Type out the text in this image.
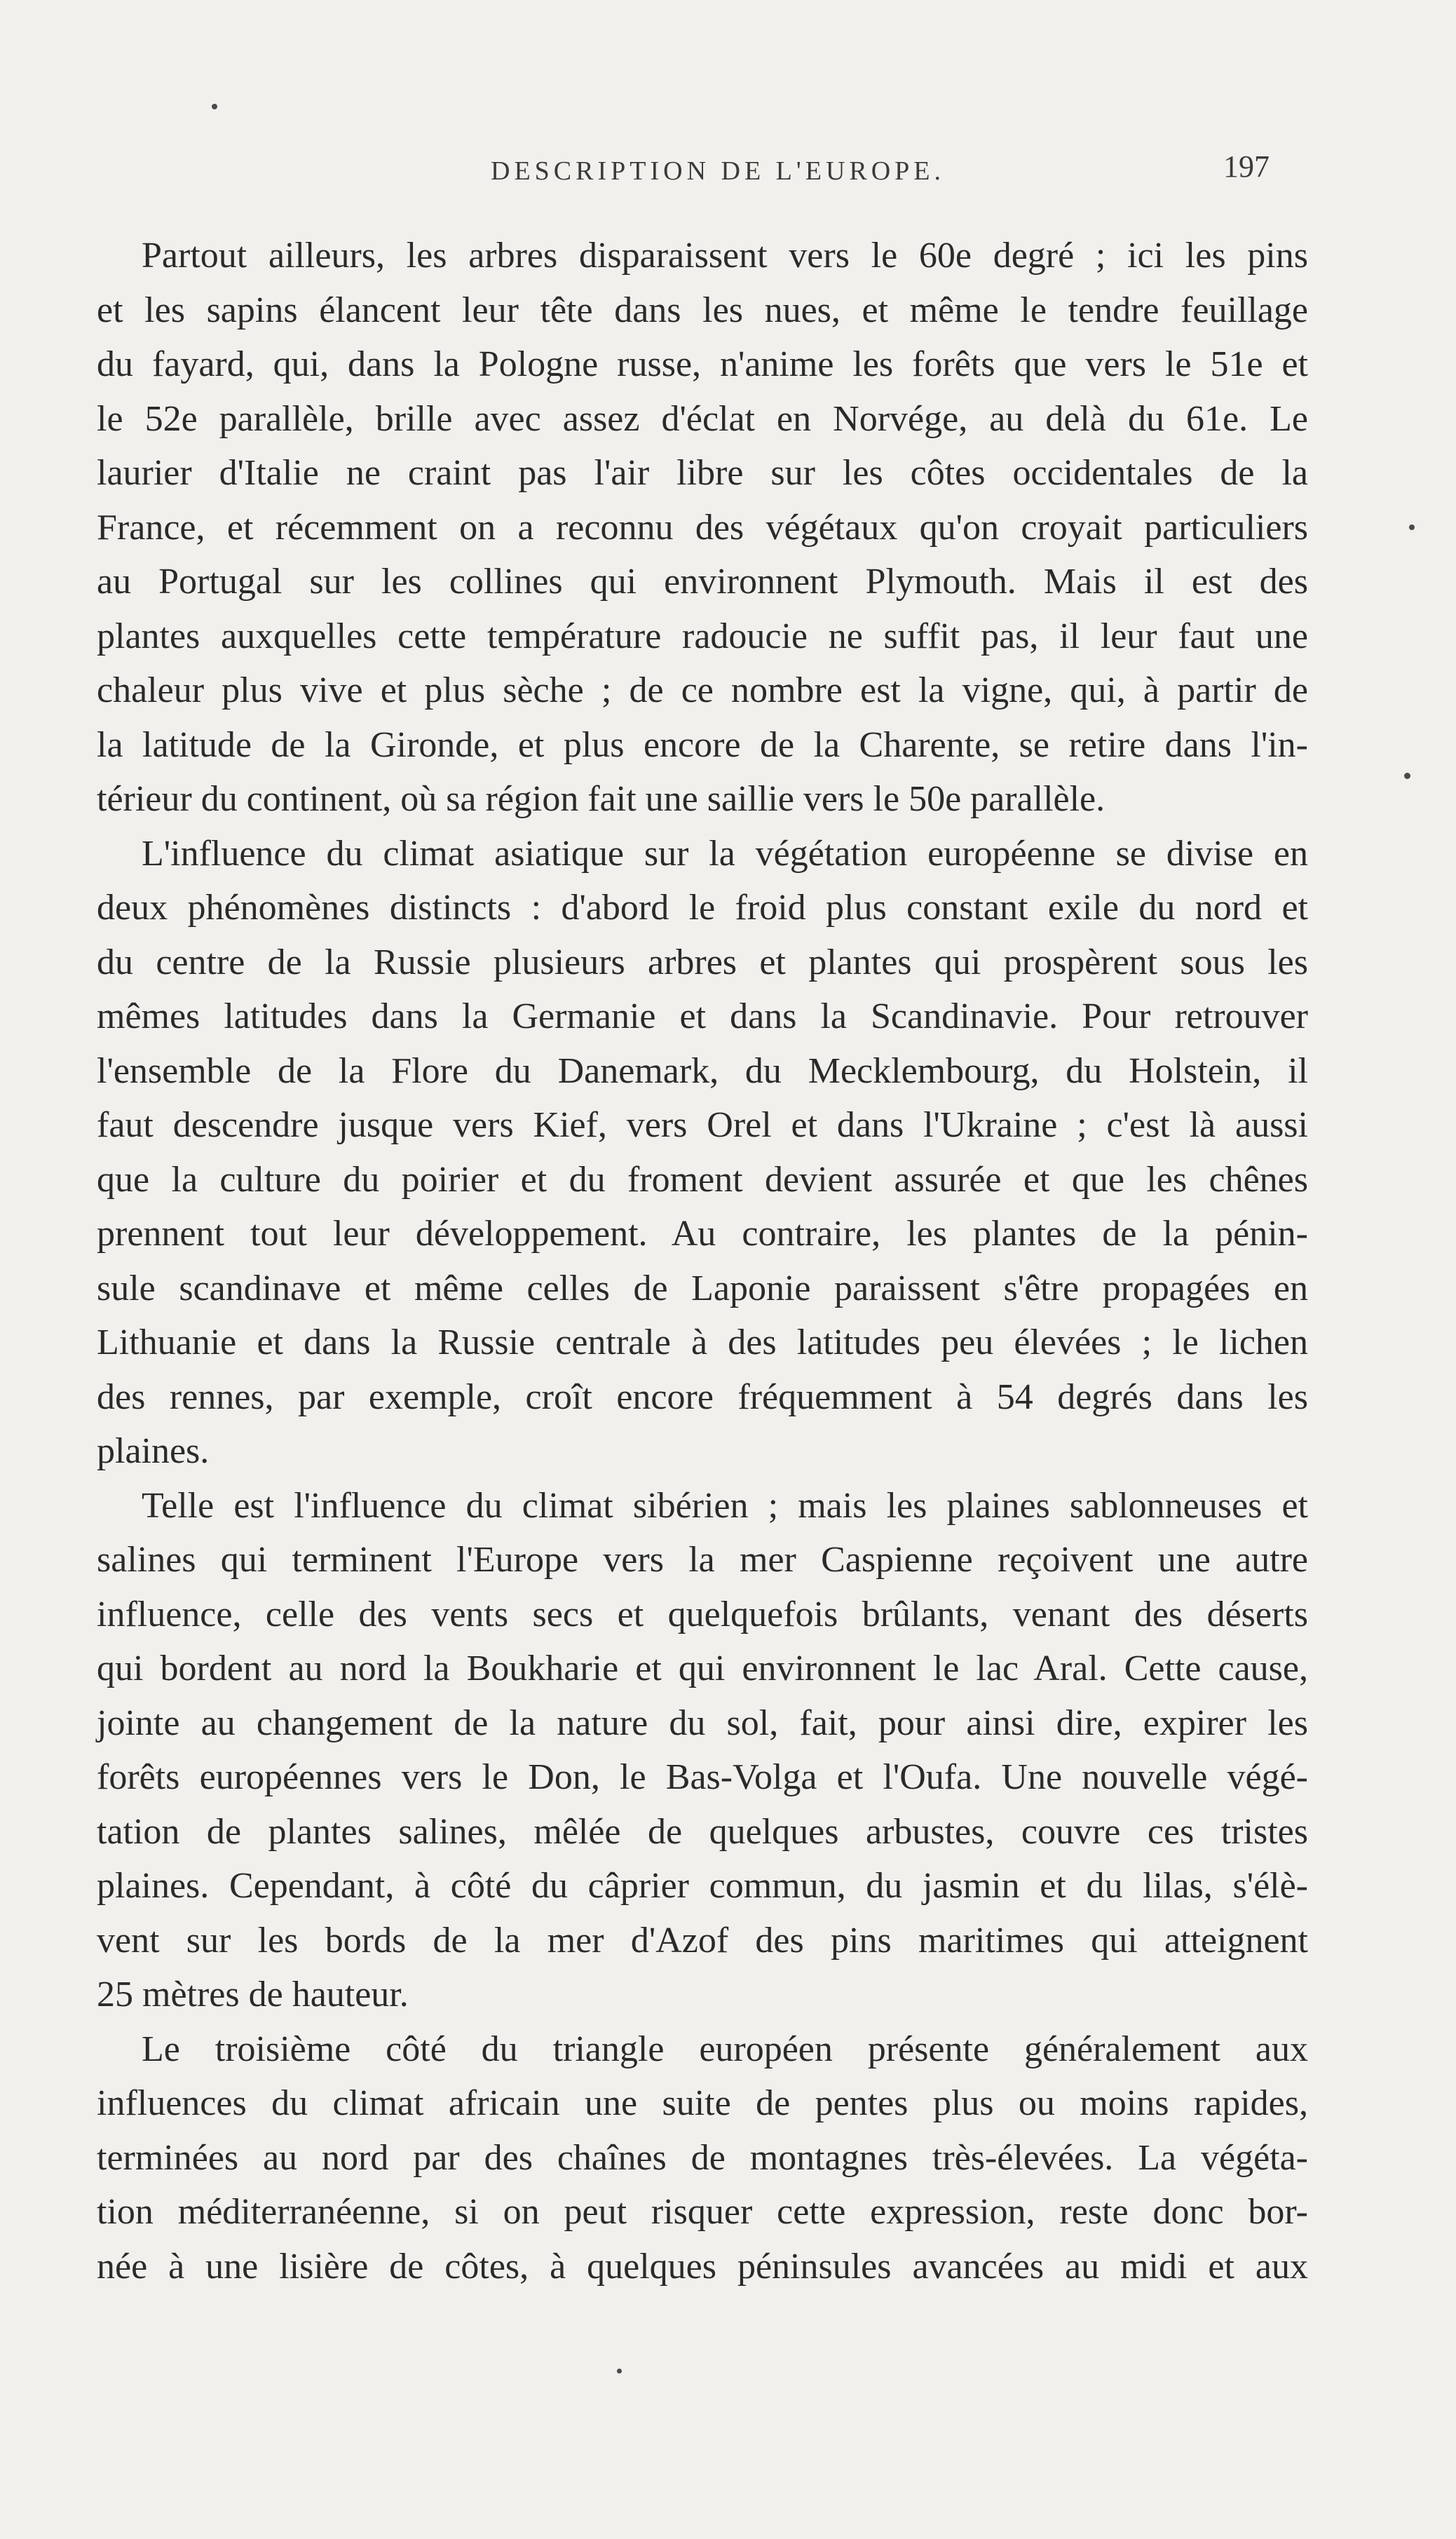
DESCRIPTION DE L'EUROPE.	197
Partout ailleurs, les arbres disparaissent vers le 60e degré ; ici les pins
et les sapins élancent leur tête dans les nues, et même le tendre feuillage
du fayard, qui, dans la Pologne russe, n'anime les forêts que vers le 51e et
le 52e parallèle, brille avec assez d'éclat en Norvége, au delà du 61e. Le
laurier d'Italie ne craint pas l'air libre sur les côtes occidentales de la
France, et récemment on a reconnu des végétaux qu'on croyait particuliers
au Portugal sur les collines qui environnent Plymouth. Mais il est des
plantes auxquelles cette température radoucie ne suffit pas, il leur faut une
chaleur plus vive et plus sèche ; de ce nombre est la vigne, qui, à partir de
la latitude de la Gironde, et plus encore de la Charente, se retire dans l'in-
térieur du continent, où sa région fait une saillie vers le 50e parallèle.
L'influence du climat asiatique sur la végétation européenne se divise en
deux phénomènes distincts : d'abord le froid plus constant exile du nord et
du centre de la Russie plusieurs arbres et plantes qui prospèrent sous les
mêmes latitudes dans la Germanie et dans la Scandinavie. Pour retrouver
l'ensemble de la Flore du Danemark, du Mecklembourg, du Holstein, il
faut descendre jusque vers Kief, vers Orel et dans l'Ukraine ; c'est là aussi
que la culture du poirier et du froment devient assurée et que les chênes
prennent tout leur développement. Au contraire, les plantes de la pénin-
sule scandinave et même celles de Laponie paraissent s'être propagées en
Lithuanie et dans la Russie centrale à des latitudes peu élevées ; le lichen
des rennes, par exemple, croît encore fréquemment à 54 degrés dans les
plaines.
Telle est l'influence du climat sibérien ; mais les plaines sablonneuses et
salines qui terminent l'Europe vers la mer Caspienne reçoivent une autre
influence, celle des vents secs et quelquefois brûlants, venant des déserts
qui bordent au nord la Boukharie et qui environnent le lac Aral. Cette cause,
jointe au changement de la nature du sol, fait, pour ainsi dire, expirer les
forêts européennes vers le Don, le Bas-Volga et l'Oufa. Une nouvelle végé-
tation de plantes salines, mêlée de quelques arbustes, couvre ces tristes
plaines. Cependant, à côté du câprier commun, du jasmin et du lilas, s'élè-
vent sur les bords de la mer d'Azof des pins maritimes qui atteignent
25 mètres de hauteur.
Le troisième côté du triangle européen présente généralement aux
influences du climat africain une suite de pentes plus ou moins rapides,
terminées au nord par des chaînes de montagnes très-élevées. La végéta-
tion méditerranéenne, si on peut risquer cette expression, reste donc bor-
née à une lisière de côtes, à quelques péninsules avancées au midi et aux
